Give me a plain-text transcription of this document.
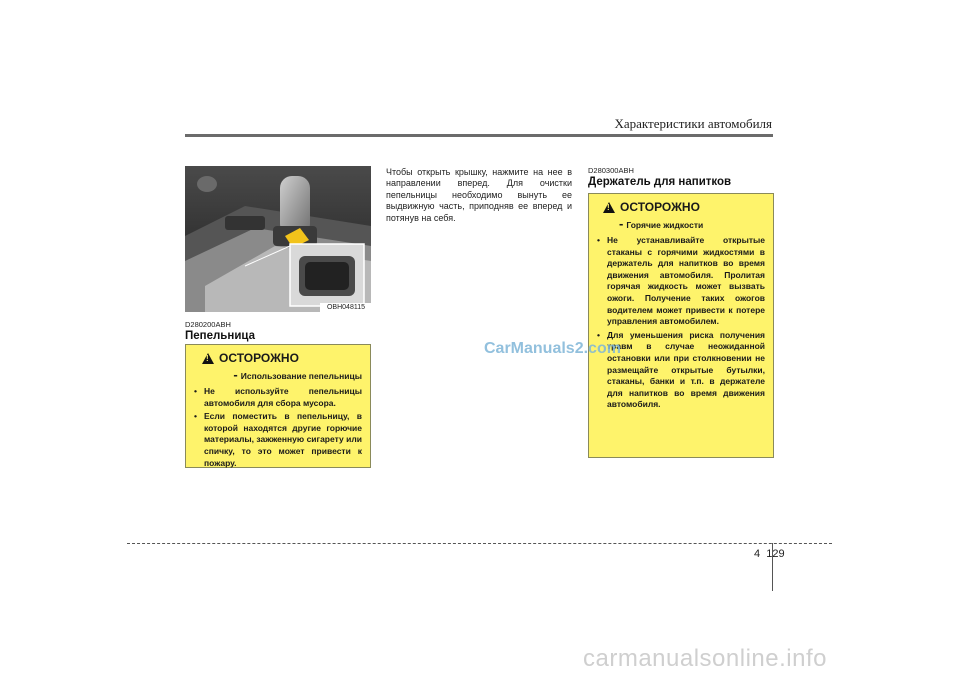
Характеристики автомобиля
OBH048115
D280200ABH
Пепельница
!
ОСТОРОЖНО
- Использование пепельницы
• Не используйте пепельницы автомобиля для сбора мусора.
• Если поместить в пепельницу, в которой находятся другие горючие материалы, зажженную сигарету или спичку, то это может привести к пожару.
Чтобы открыть крышку, нажмите на нее в направлении вперед. Для очистки пепельницы необходимо вынуть ее выдвижную часть, приподняв ее вперед и потянув на себя.
D280300ABH
Держатель для напитков
!
ОСТОРОЖНО
- Горячие жидкости
• Не устанавливайте открытые стаканы с горячими жидкостями в держатель для напитков во время движения автомобиля. Пролитая горячая жидкость может вызвать ожоги. Получение таких ожогов водителем может привести к потере управления автомобилем.
• Для уменьшения риска получения травм в случае неожиданной остановки или при столкновении не размещайте открытые бутылки, стаканы, банки и т.п. в держателе для напитков во время движения автомобиля.
CarManuals2.com
4 129
carmanualsonline.info
